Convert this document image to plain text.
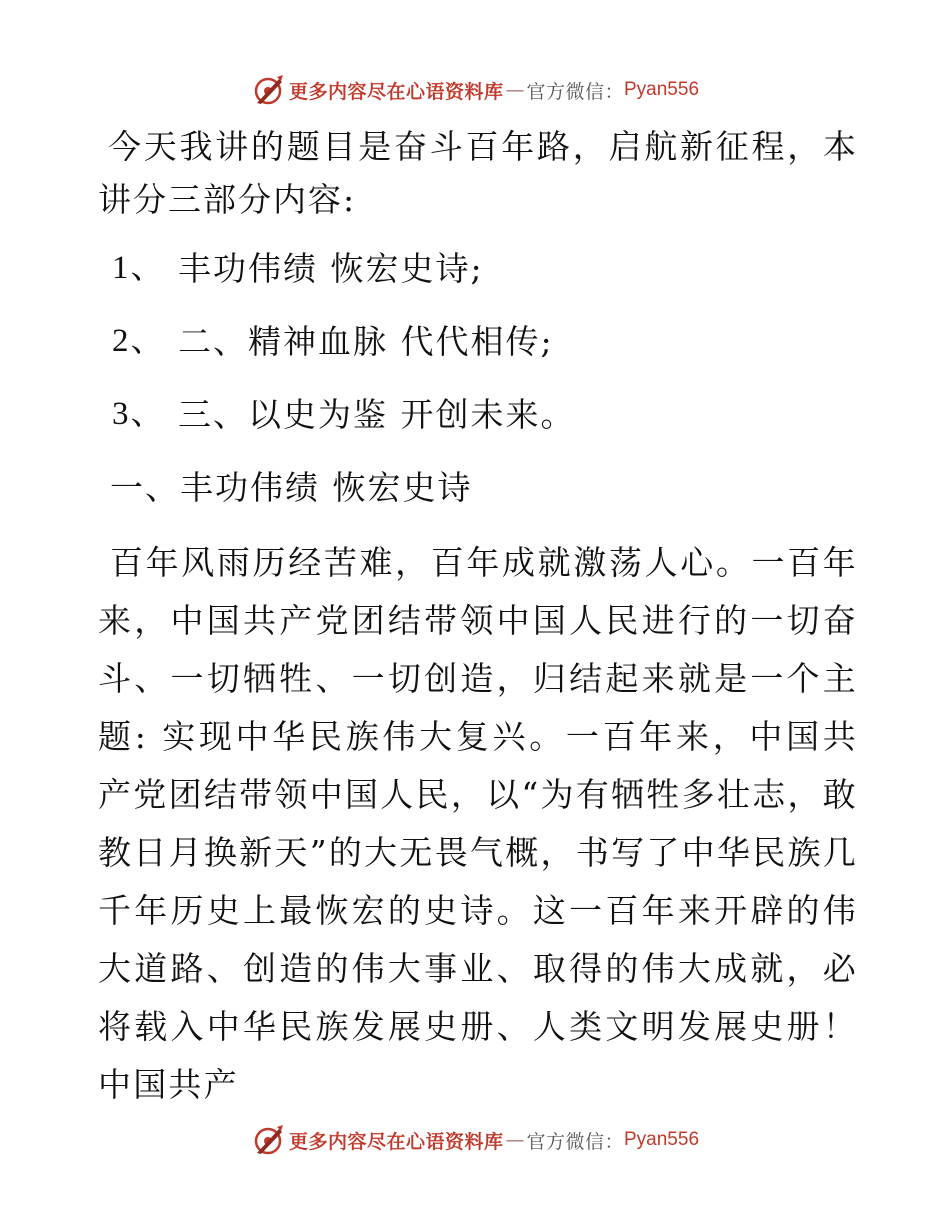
更多内容尽在心语资料库 — 官方微信： Pyan556

今天我讲的题目是奋斗百年路，启航新征程，本讲分三部分内容:

1、 丰功伟绩 恢宏史诗;
2、 二、精神血脉 代代相传;
3、 三、以史为鉴 开创未来。
一、丰功伟绩 恢宏史诗

百年风雨历经苦难，百年成就激荡人心。一百年来，中国共产党团结带领中国人民进行的一切奋斗、一切牺牲、一切创造，归结起来就是一个主题: 实现中华民族伟大复兴。一百年来，中国共产党团结带领中国人民，以“为有牺牲多壮志，敢教日月换新天”的大无畏气概，书写了中华民族几千年历史上最恢宏的史诗。这一百年来开辟的伟大道路、创造的伟大事业、取得的伟大成就，必将载入中华民族发展史册、人类文明发展史册！中国共产

更多内容尽在心语资料库 — 官方微信： Pyan556
